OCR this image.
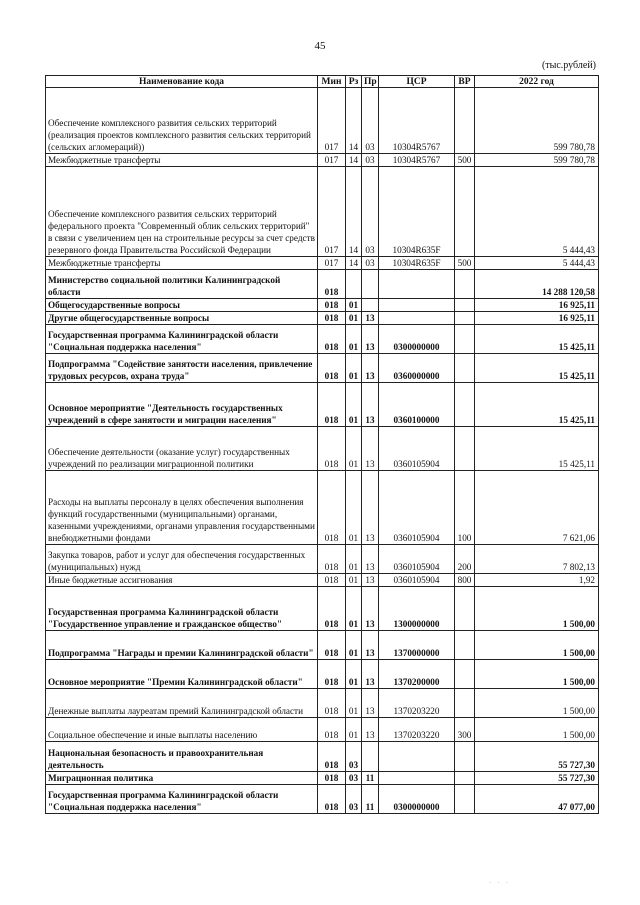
45
(тыс.рублей)
Наименование кода	Мин	Рз	Пр	ЦСР	ВР	2022 год
Обеспечение комплексного развития сельских территорий (реализация проектов комплексного развития сельских территорий (сельских агломераций))	017	14	03	10304R5767		599 780,78
Межбюджетные трансферты	017	14	03	10304R5767	500	599 780,78
Обеспечение комплексного развития сельских территорий федерального проекта "Современный облик сельских территорий" в связи с увеличением цен на строительные ресурсы за счет средств резервного фонда Правительства Российской Федерации	017	14	03	10304R635F		5 444,43
Межбюджетные трансферты	017	14	03	10304R635F	500	5 444,43
Министерство социальной политики Калининградской области	018					14 288 120,58
Общегосударственные вопросы	018	01				16 925,11
Другие общегосударственные вопросы	018	01	13			16 925,11
Государственная программа Калининградской области "Социальная поддержка населения"	018	01	13	0300000000		15 425,11
Подпрограмма "Содействие занятости населения, привлечение трудовых ресурсов, охрана труда"	018	01	13	0360000000		15 425,11
Основное мероприятие "Деятельность государственных учреждений в сфере занятости и миграции населения"	018	01	13	0360100000		15 425,11
Обеспечение деятельности (оказание услуг) государственных учреждений по реализации миграционной политики	018	01	13	0360105904		15 425,11
Расходы на выплаты персоналу в целях обеспечения выполнения функций государственными (муниципальными) органами, казенными учреждениями, органами управления государственными внебюджетными фондами	018	01	13	0360105904	100	7 621,06
Закупка товаров, работ и услуг для обеспечения государственных (муниципальных) нужд	018	01	13	0360105904	200	7 802,13
Иные бюджетные ассигнования	018	01	13	0360105904	800	1,92
Государственная программа Калининградской области "Государственное управление и гражданское общество"	018	01	13	1300000000		1 500,00
Подпрограмма "Награды и премии Калининградской области"	018	01	13	1370000000		1 500,00
Основное мероприятие "Премии Калининградской области"	018	01	13	1370200000		1 500,00
Денежные выплаты лауреатам премий Калининградской области	018	01	13	1370203220		1 500,00
Социальное обеспечение и иные выплаты населению	018	01	13	1370203220	300	1 500,00
Национальная безопасность и правоохранительная деятельность	018	03				55 727,30
Миграционная политика	018	03	11			55 727,30
Государственная программа Калининградской области "Социальная поддержка населения"	018	03	11	0300000000		47 077,00
· · ·
